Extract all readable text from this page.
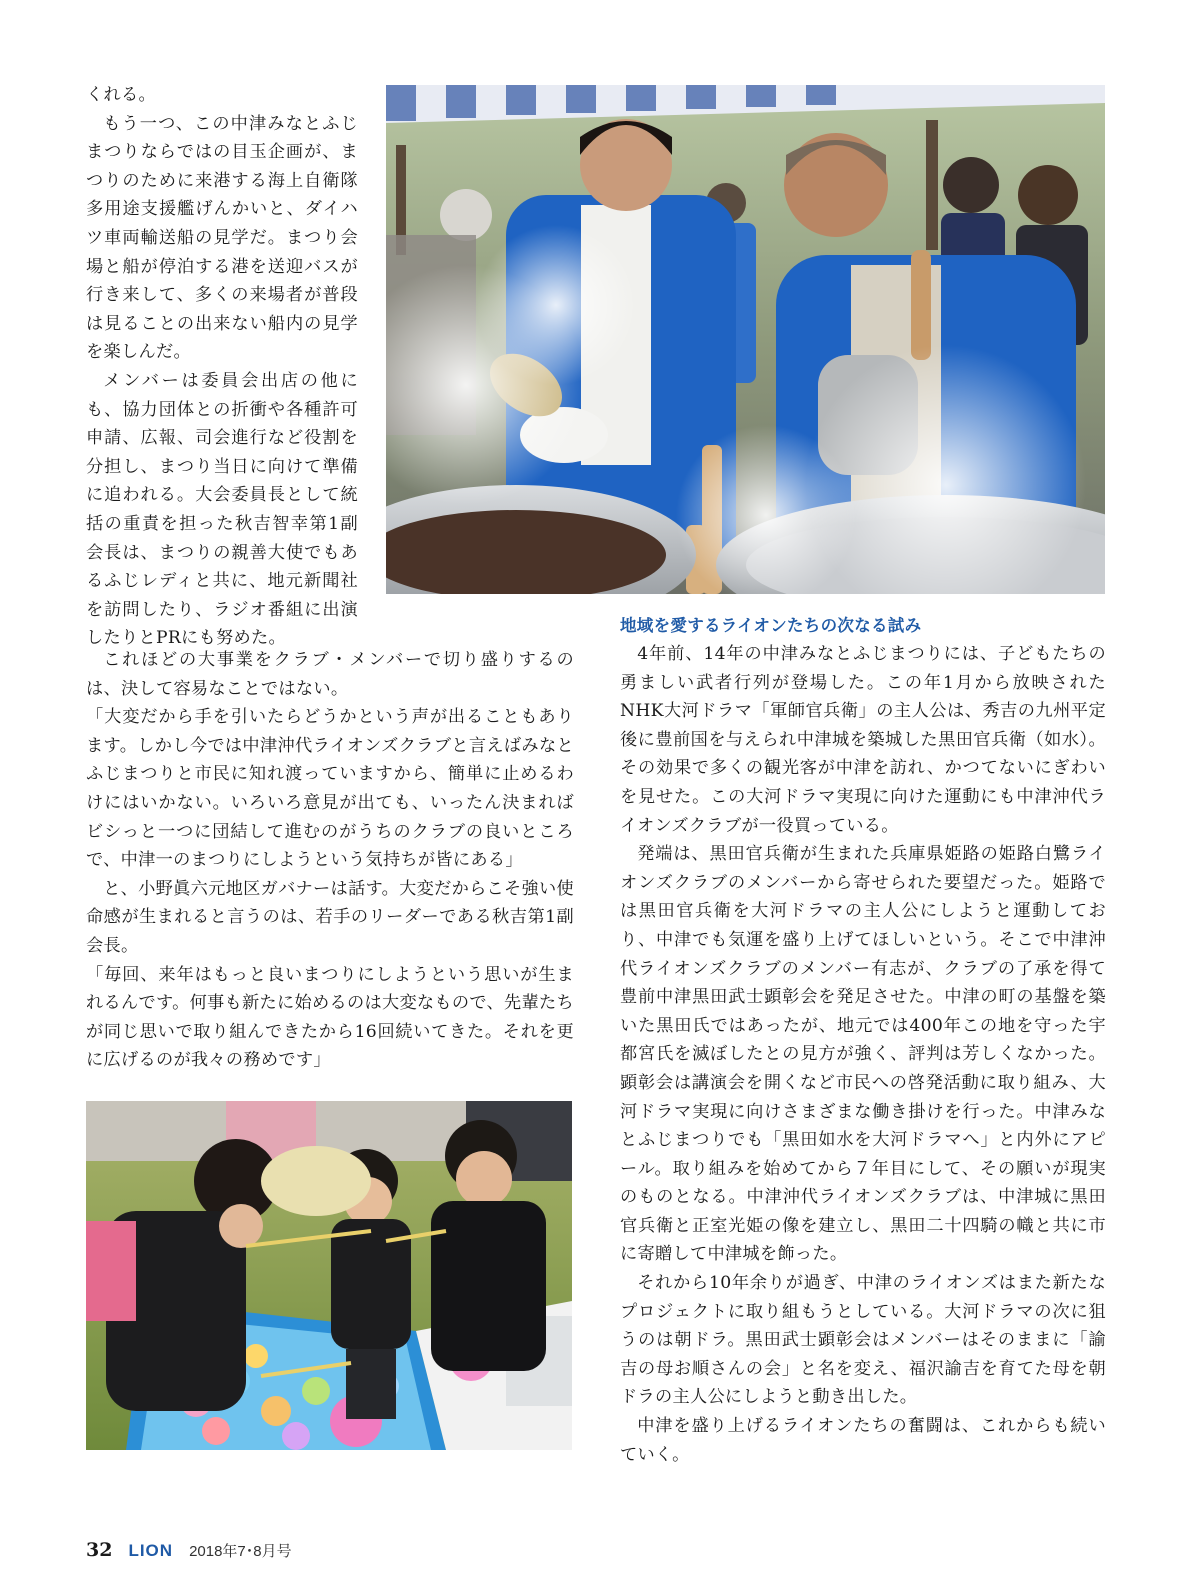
くれる。

もう一つ、この中津みなとふじまつりならではの目玉企画が、まつりのために来港する海上自衛隊多用途支援艦げんかいと、ダイハツ車両輸送船の見学だ。まつり会場と船が停泊する港を送迎バスが行き来して、多くの来場者が普段は見ることの出来ない船内の見学を楽しんだ。

メンバーは委員会出店の他にも、協力団体との折衝や各種許可申請、広報、司会進行など役割を分担し、まつり当日に向けて準備に追われる。大会委員長として統括の重責を担った秋吉智幸第1副会長は、まつりの親善大使でもあるふじレディと共に、地元新聞社を訪問したり、ラジオ番組に出演したりとPRにも努めた。

これほどの大事業をクラブ・メンバーで切り盛りするのは、決して容易なことではない。

「大変だから手を引いたらどうかという声が出ることもあります。しかし今では中津沖代ライオンズクラブと言えばみなとふじまつりと市民に知れ渡っていますから、簡単に止めるわけにはいかない。いろいろ意見が出ても、いったん決まればビシっと一つに団結して進むのがうちのクラブの良いところで、中津一のまつりにしようという気持ちが皆にある」

と、小野眞六元地区ガバナーは話す。大変だからこそ強い使命感が生まれると言うのは、若手のリーダーである秋吉第1副会長。

「毎回、来年はもっと良いまつりにしようという思いが生まれるんです。何事も新たに始めるのは大変なもので、先輩たちが同じ思いで取り組んできたから16回続いてきた。それを更に広げるのが我々の務めです」

地域を愛するライオンたちの次なる試み

4年前、14年の中津みなとふじまつりには、子どもたちの勇ましい武者行列が登場した。この年1月から放映されたNHK大河ドラマ「軍師官兵衛」の主人公は、秀吉の九州平定後に豊前国を与えられ中津城を築城した黒田官兵衛（如水）。その効果で多くの観光客が中津を訪れ、かつてないにぎわいを見せた。この大河ドラマ実現に向けた運動にも中津沖代ライオンズクラブが一役買っている。

発端は、黒田官兵衛が生まれた兵庫県姫路の姫路白鷺ライオンズクラブのメンバーから寄せられた要望だった。姫路では黒田官兵衛を大河ドラマの主人公にしようと運動しており、中津でも気運を盛り上げてほしいという。そこで中津沖代ライオンズクラブのメンバー有志が、クラブの了承を得て豊前中津黒田武士顕彰会を発足させた。中津の町の基盤を築いた黒田氏ではあったが、地元では400年この地を守った宇都宮氏を滅ぼしたとの見方が強く、評判は芳しくなかった。顕彰会は講演会を開くなど市民への啓発活動に取り組み、大河ドラマ実現に向けさまざまな働き掛けを行った。中津みなとふじまつりでも「黒田如水を大河ドラマへ」と内外にアピール。取り組みを始めてから７年目にして、その願いが現実のものとなる。中津沖代ライオンズクラブは、中津城に黒田官兵衛と正室光姫の像を建立し、黒田二十四騎の幟と共に市に寄贈して中津城を飾った。

それから10年余りが過ぎ、中津のライオンズはまた新たなプロジェクトに取り組もうとしている。大河ドラマの次に狙うのは朝ドラ。黒田武士顕彰会はメンバーはそのままに「諭吉の母お順さんの会」と名を変え、福沢諭吉を育てた母を朝ドラの主人公にしようと動き出した。

中津を盛り上げるライオンたちの奮闘は、これからも続いていく。

32 LION 2018年7･8月号
